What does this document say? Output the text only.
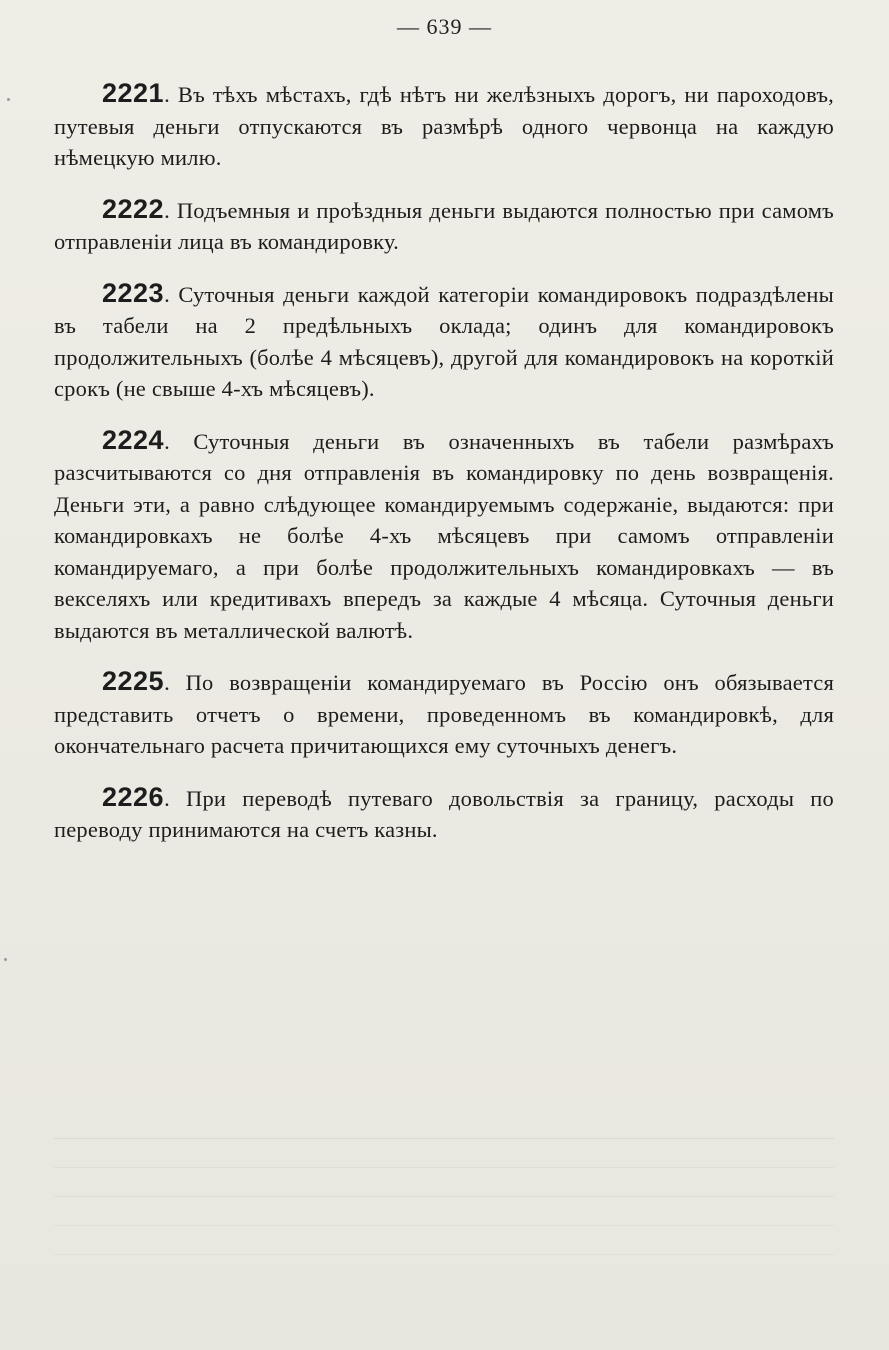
— 639 —

2221. Въ тѣхъ мѣстахъ, гдѣ нѣтъ ни желѣзныхъ дорогъ, ни пароходовъ, путевыя деньги отпускаются въ размѣрѣ одного червонца на каждую нѣмецкую милю.

2222. Подъемныя и проѣздныя деньги выдаются полностью при самомъ отправленiи лица въ командировку.

2223. Суточныя деньги каждой категорiи командировокъ подраздѣлены въ табели на 2 предѣльныхъ оклада; одинъ для командировокъ продолжительныхъ (болѣе 4 мѣсяцевъ), другой для командировокъ на короткiй срокъ (не свыше 4-хъ мѣсяцевъ).

2224. Суточныя деньги въ означенныхъ въ табели размѣрахъ разсчитываются со дня отправленiя въ командировку по день возвращенiя. Деньги эти, а равно слѣдующее командируемымъ содержанiе, выдаются: при командировкахъ не болѣе 4-хъ мѣсяцевъ при самомъ отправленiи командируемаго, а при болѣе продолжительныхъ командировкахъ — въ векселяхъ или кредитивахъ впередъ за каждые 4 мѣсяца. Суточныя деньги выдаются въ металлической валютѣ.

2225. По возвращенiи командируемаго въ Россiю онъ обязывается представить отчетъ о времени, проведенномъ въ командировкѣ, для окончательнаго расчета причитающихся ему суточныхъ денегъ.

2226. При переводѣ путеваго довольствiя за границу, расходы по переводу принимаются на счетъ казны.
